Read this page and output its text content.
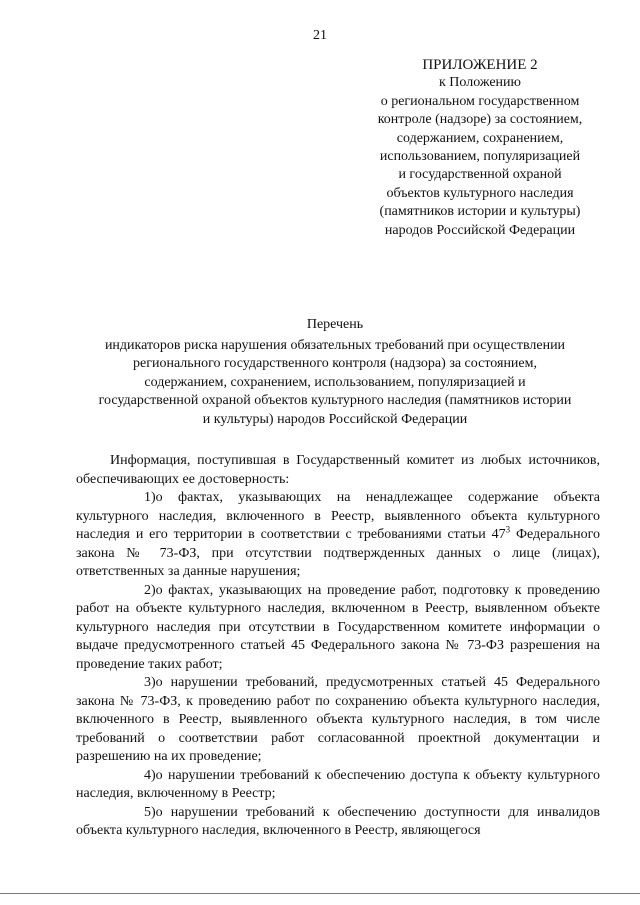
21
ПРИЛОЖЕНИЕ 2
к Положению
о региональном государственном
контроле (надзоре) за состоянием,
содержанием, сохранением,
использованием, популяризацией
и государственной охраной
объектов культурного наследия
(памятников истории и культуры)
народов Российской Федерации
Перечень
индикаторов риска нарушения обязательных требований при осуществлении
регионального государственного контроля (надзора) за состоянием,
содержанием, сохранением, использованием, популяризацией и
государственной охраной объектов культурного наследия (памятников истории
и культуры) народов Российской Федерации

Информация, поступившая в Государственный комитет из любых источников, обеспечивающих ее достоверность:

1)о фактах, указывающих на ненадлежащее содержание объекта культурного наследия, включенного в Реестр, выявленного объекта культурного наследия и его территории в соответствии с требованиями статьи $47^3$ Федерального закона № 73-ФЗ, при отсутствии подтвержденных данных о лице (лицах), ответственных за данные нарушения;

2)о фактах, указывающих на проведение работ, подготовку к проведению работ на объекте культурного наследия, включенном в Реестр, выявленном объекте культурного наследия при отсутствии в Государственном комитете информации о выдаче предусмотренного статьей 45 Федерального закона № 73-ФЗ разрешения на проведение таких работ;

3)о нарушении требований, предусмотренных статьей 45 Федерального закона № 73-ФЗ, к проведению работ по сохранению объекта культурного наследия, включенного в Реестр, выявленного объекта культурного наследия, в том числе требований о соответствии работ согласованной проектной документации и разрешению на их проведение;

4)о нарушении требований к обеспечению доступа к объекту культурного наследия, включенному в Реестр;

5)о нарушении требований к обеспечению доступности для инвалидов объекта культурного наследия, включенного в Реестр, являющегося
